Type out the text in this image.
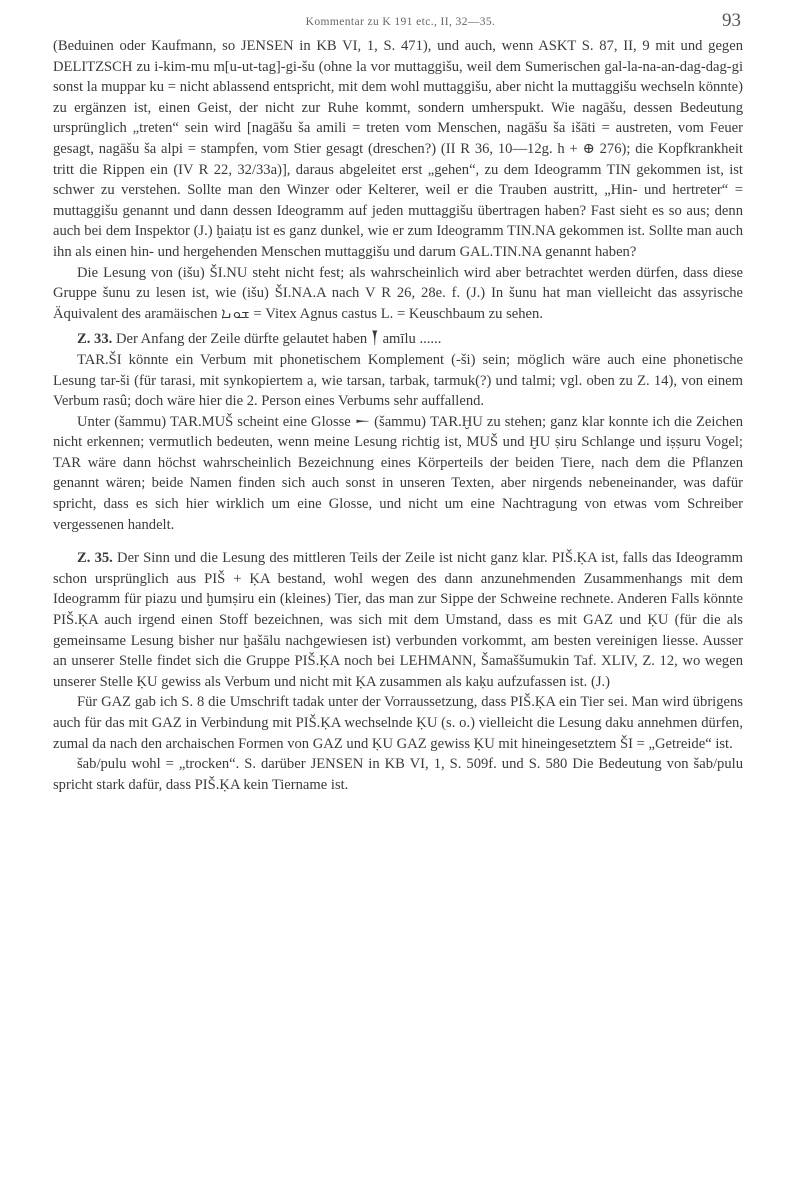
Kommentar zu K 191 etc., II, 32—35.	93

(Beduinen oder Kaufmann, so JENSEN in KB VI, 1, S. 471), und auch, wenn ASKT S. 87, II, 9 mit und gegen DELITZSCH zu i-kim-mu m[u-ut-tag]-gi-šu (ohne la vor muttaggišu, weil dem Sumerischen gal-la-na-an-dag-dag-gi sonst la muppar ku = nicht ablassend entspricht, mit dem wohl muttaggišu, aber nicht la muttaggišu wechseln könnte) zu ergänzen ist, einen Geist, der nicht zur Ruhe kommt, sondern umherspukt. Wie nagāšu, dessen Bedeutung ursprünglich „treten“ sein wird [nagāšu ša amili = treten vom Menschen, nagāšu ša išāti = austreten, vom Feuer gesagt, nagāšu ša alpi = stampfen, vom Stier gesagt (dreschen?) (II R 36, 10—12g. h + ⊕ 276); die Kopfkrankheit tritt die Rippen ein (IV R 22, 32/33a)], daraus abgeleitet erst „gehen“, zu dem Ideogramm TIN gekommen ist, ist schwer zu verstehen. Sollte man den Winzer oder Kelterer, weil er die Trauben austritt, „Hin- und hertreter“ = muttaggišu genannt und dann dessen Ideogramm auf jeden muttaggišu übertragen haben? Fast sieht es so aus; denn auch bei dem Inspektor (J.) ḫaiaṭu ist es ganz dunkel, wie er zum Ideogramm TIN.NA gekommen ist. Sollte man auch ihn als einen hin- und hergehenden Menschen muttaggišu und darum GAL.TIN.NA genannt haben?

Die Lesung von (išu) ŠI.NU steht nicht fest; als wahrscheinlich wird aber betrachtet werden dürfen, dass diese Gruppe šunu zu lesen ist, wie (išu) ŠI.NA.A nach V R 26, 28e. f. (J.) In šunu hat man vielleicht das assyrische Äquivalent des aramäischen ܫܘܢܐ = Vitex Agnus castus L. = Keuschbaum zu sehen.

Z. 33. Der Anfang der Zeile dürfte gelautet haben 𒐕 amīlu ......

TAR.ŠI könnte ein Verbum mit phonetischem Komplement (-ši) sein; möglich wäre auch eine phonetische Lesung tar-ši (für tarasi, mit synkopiertem a, wie tarsan, tarbak, tarmuk(?) und talmi; vgl. oben zu Z. 14), von einem Verbum rasû; doch wäre hier die 2. Person eines Verbums sehr auffallend.

Unter (šammu) TAR.MUŠ scheint eine Glosse 𒀸 (šammu) TAR.ḪU zu stehen; ganz klar konnte ich die Zeichen nicht erkennen; vermutlich bedeuten, wenn meine Lesung richtig ist, MUŠ und ḪU ṣiru Schlange und iṣṣuru Vogel; TAR wäre dann höchst wahrscheinlich Bezeichnung eines Körperteils der beiden Tiere, nach dem die Pflanzen genannt wären; beide Namen finden sich auch sonst in unseren Texten, aber nirgends nebeneinander, was dafür spricht, dass es sich hier wirklich um eine Glosse, und nicht um eine Nachtragung von etwas vom Schreiber vergessenen handelt.

Z. 35. Der Sinn und die Lesung des mittleren Teils der Zeile ist nicht ganz klar. PIŠ.ḲA ist, falls das Ideogramm schon ursprünglich aus PIŠ + ḲA bestand, wohl wegen des dann anzunehmenden Zusammenhangs mit dem Ideogramm für piazu und ḫumṣiru ein (kleines) Tier, das man zur Sippe der Schweine rechnete. Anderen Falls könnte PIŠ.ḲA auch irgend einen Stoff bezeichnen, was sich mit dem Umstand, dass es mit GAZ und ḲU (für die als gemeinsame Lesung bisher nur ḫašālu nachgewiesen ist) verbunden vorkommt, am besten vereinigen liesse. Ausser an unserer Stelle findet sich die Gruppe PIŠ.ḲA noch bei LEHMANN, Šamaššumukin Taf. XLIV, Z. 12, wo wegen unserer Stelle ḲU gewiss als Verbum und nicht mit ḲA zusammen als kaḳu aufzufassen ist. (J.)

Für GAZ gab ich S. 8 die Umschrift tadak unter der Vorraussetzung, dass PIŠ.ḲA ein Tier sei. Man wird übrigens auch für das mit GAZ in Verbindung mit PIŠ.ḲA wechselnde ḲU (s. o.) vielleicht die Lesung daku annehmen dürfen, zumal da nach den archaischen Formen von GAZ und ḲU GAZ gewiss ḲU mit hineingesetztem ŠI = „Getreide“ ist.

šab/pulu wohl = „trocken“. S. darüber JENSEN in KB VI, 1, S. 509f. und S. 580 Die Bedeutung von šab/pulu spricht stark dafür, dass PIŠ.ḲA kein Tiername ist.
